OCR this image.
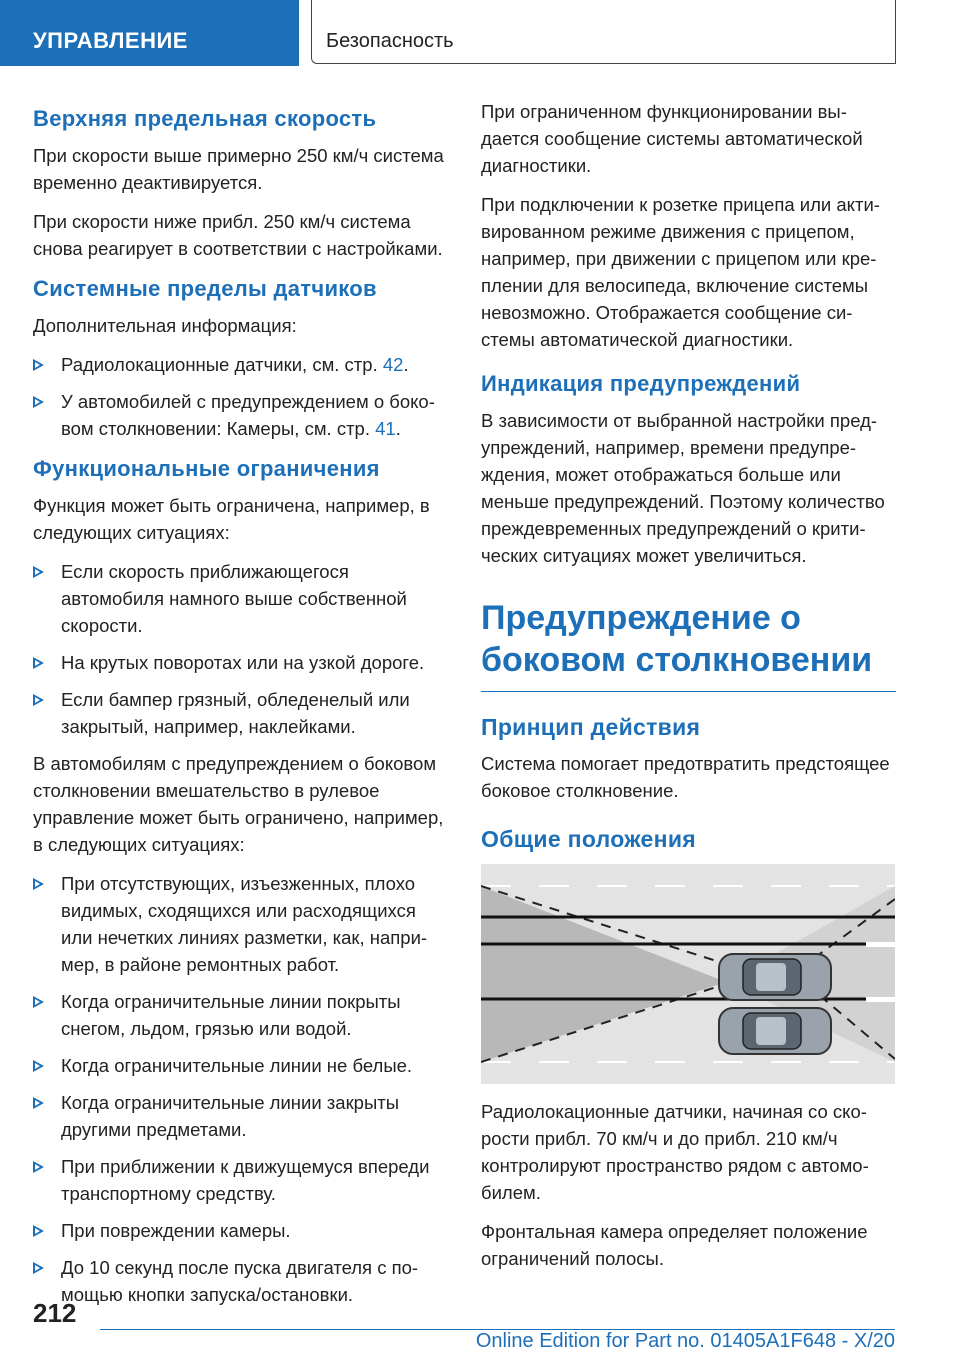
УПРАВЛЕНИЕ	Безопасность
Верхняя предельная скорость

При скорости выше примерно 250 км/ч система временно деактивируется.

При скорости ниже прибл. 250 км/ч система снова реагирует в соответствии с настройками.

Системные пределы датчиков

Дополнительная информация:

Радиолокационные датчики, см. стр. 42.
У автомобилей с предупреждением о боковом столкновении: Камеры, см. стр. 41.
Функциональные ограничения

Функция может быть ограничена, например, в следующих ситуациях:

Если скорость приближающегося автомобиля намного выше собственной скорости.
На крутых поворотах или на узкой дороге.
Если бампер грязный, обледенелый или закрытый, например, наклейками.

В автомобилям с предупреждением о боковом столкновении вмешательство в рулевое управление может быть ограничено, например, в следующих ситуациях:

При отсутствующих, изъезженных, плохо видимых, сходящихся или расходящихся или нечетких линиях разметки, как, например, в районе ремонтных работ.
Когда ограничительные линии покрыты снегом, льдом, грязью или водой.
Когда ограничительные линии не белые.
Когда ограничительные линии закрыты другими предметами.
При приближении к движущемуся впереди транспортному средству.
При повреждении камеры.
До 10 секунд после пуска двигателя с помощью кнопки запуска/остановки.

При ограниченном функционировании выдается сообщение системы автоматической диагностики.

При подключении к розетке прицепа или активированном режиме движения с прицепом, например, при движении с прицепом или креплении для велосипеда, включение системы невозможно. Отображается сообщение системы автоматической диагностики.

Индикация предупреждений

В зависимости от выбранной настройки предупреждений, например, времени предупреждения, может отображаться больше или меньше предупреждений. Поэтому количество преждевременных предупреждений о критических ситуациях может увеличиться.

Предупреждение о боковом столкновении
Принцип действия

Система помогает предотвратить предстоящее боковое столкновение.

Общие положения

Радиолокационные датчики, начиная со скорости прибл. 70 км/ч и до прибл. 210 км/ч контролируют пространство рядом с автомобилем.

Фронтальная камера определяет положение ограничений полосы.

212
Online Edition for Part no. 01405A1F648 - X/20
